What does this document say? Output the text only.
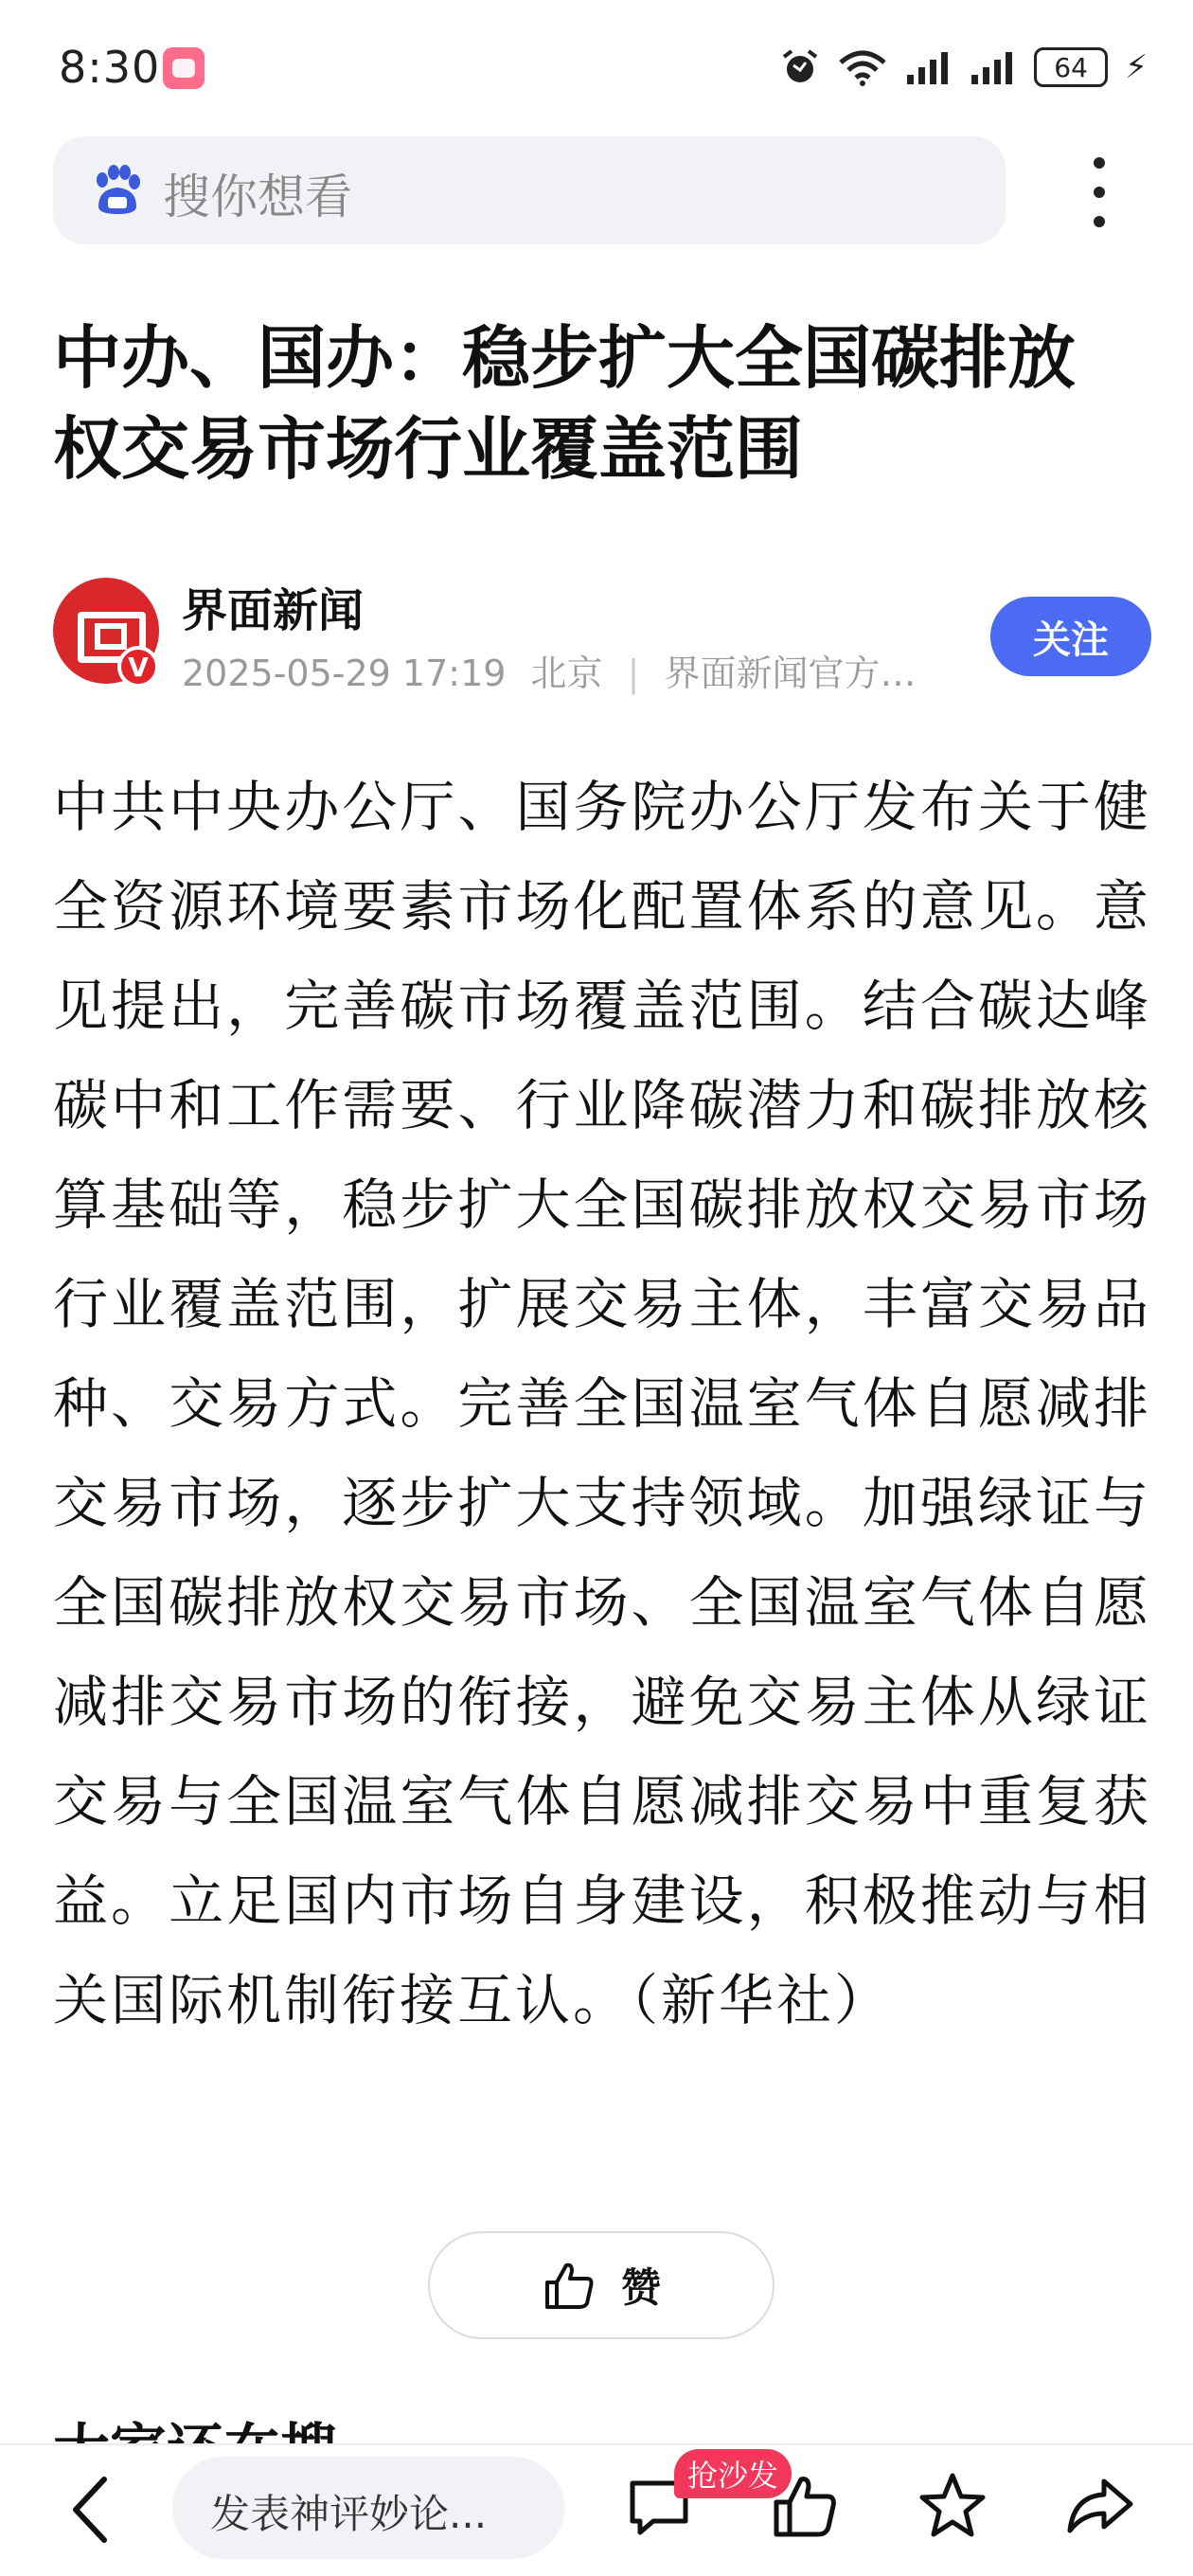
8:30	64 ⚡
搜你想看
中办、国办：稳步扩大全国碳排放权交易市场行业覆盖范围
V
界面新闻
2025-05-29 17:19 北京 | 界面新闻官方…
关注
中共中央办公厅、国务院办公厅发布关于健全资源环境要素市场化配置体系的意见。意见提出，完善碳市场覆盖范围。结合碳达峰碳中和工作需要、行业降碳潜力和碳排放核算基础等，稳步扩大全国碳排放权交易市场行业覆盖范围，扩展交易主体，丰富交易品种、交易方式。完善全国温室气体自愿减排交易市场，逐步扩大支持领域。加强绿证与全国碳排放权交易市场、全国温室气体自愿减排交易市场的衔接，避免交易主体从绿证交易与全国温室气体自愿减排交易中重复获益。立足国内市场自身建设，积极推动与相关国际机制衔接互认。（新华社）
赞
发表神评妙论...
抢沙发
